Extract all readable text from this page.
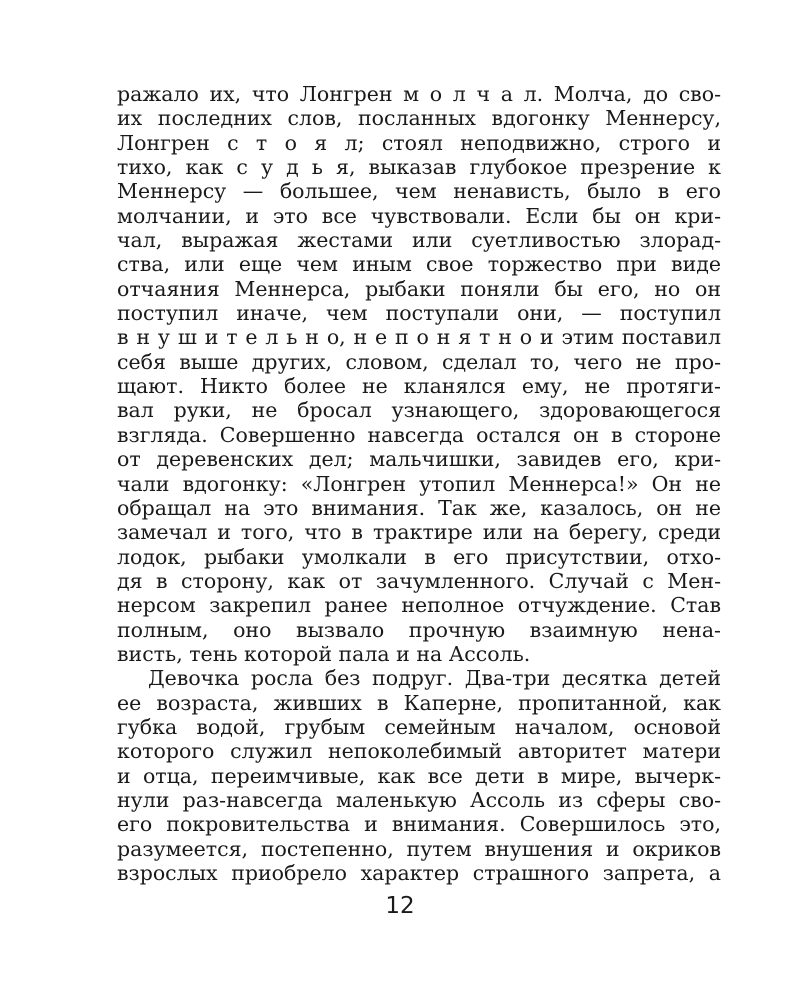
ражало их, что Лонгрен м о л ч а л. Молча, до сво-
их последних слов, посланных вдогонку Меннерсу,
Лонгрен с т о я л; стоял неподвижно, строго и
тихо, как с у д ь я, выказав глубокое презрение к
Меннерсу — большее, чем ненависть, было в его
молчании, и это все чувствовали. Если бы он кри-
чал, выражая жестами или суетливостью злорад-
ства, или еще чем иным свое торжество при виде
отчаяния Меннерса, рыбаки поняли бы его, но он
поступил иначе, чем поступали они, — поступил
в н у ш и т е л ь н о, н е п о н я т н о и этим поставил
себя выше других, словом, сделал то, чего не про-
щают. Никто более не кланялся ему, не протяги-
вал руки, не бросал узнающего, здоровающегося
взгляда. Совершенно навсегда остался он в стороне
от деревенских дел; мальчишки, завидев его, кри-
чали вдогонку: «Лонгрен утопил Меннерса!» Он не
обращал на это внимания. Так же, казалось, он не
замечал и того, что в трактире или на берегу, среди
лодок, рыбаки умолкали в его присутствии, отхо-
дя в сторону, как от зачумленного. Случай с Мен-
нерсом закрепил ранее неполное отчуждение. Став
полным, оно вызвало прочную взаимную нена-
висть, тень которой пала и на Ассоль.
Девочка росла без подруг. Два-три десятка детей
ее возраста, живших в Каперне, пропитанной, как
губка водой, грубым семейным началом, основой
которого служил непоколебимый авторитет матери
и отца, переимчивые, как все дети в мире, вычерк-
нули раз-навсегда маленькую Ассоль из сферы сво-
его покровительства и внимания. Совершилось это,
разумеется, постепенно, путем внушения и окриков
взрослых приобрело характер страшного запрета, а
12
